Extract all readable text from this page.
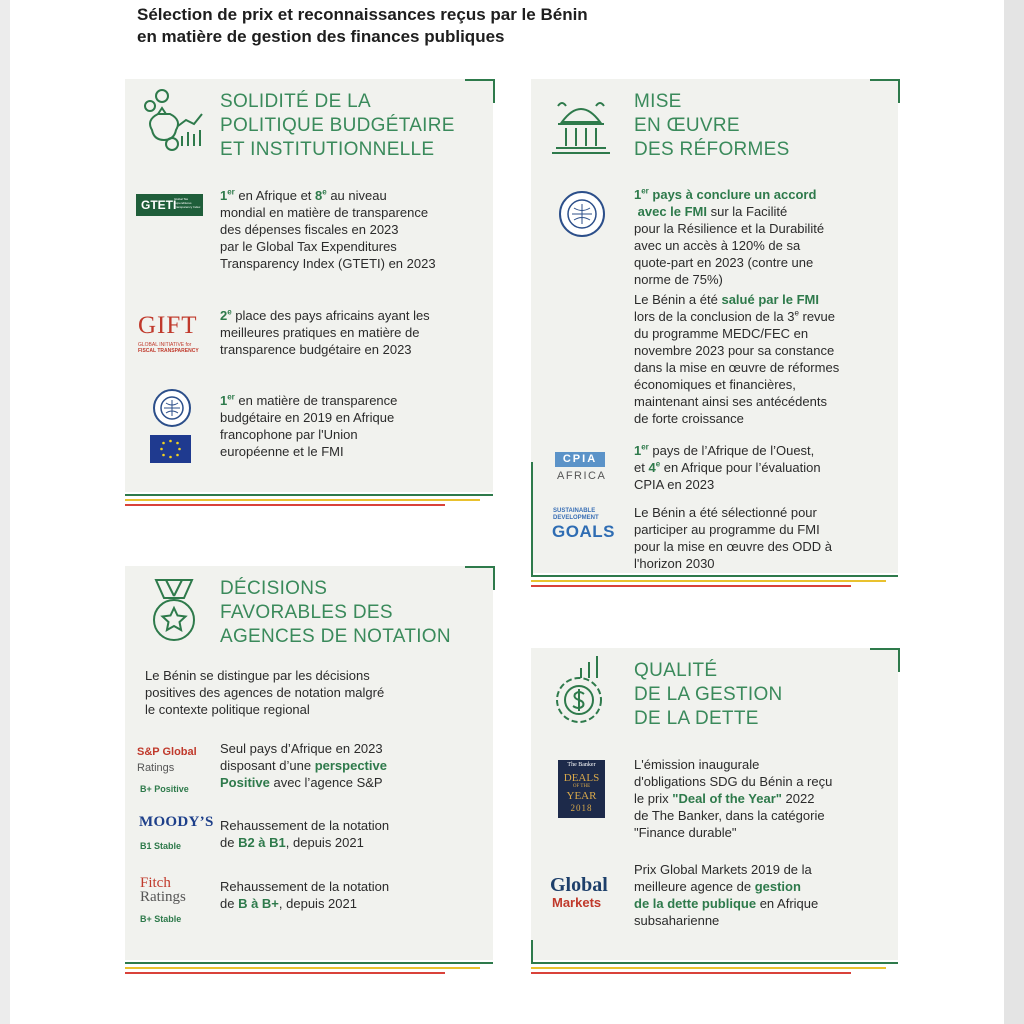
Sélection de prix et reconnaissances reçus par le Bénin
en matière de gestion des finances publiques
SOLIDITÉ DE LA
POLITIQUE BUDGÉTAIRE
ET INSTITUTIONNELLE
GTETI
Global Tax Expenditures Transparency Index

1er en Afrique et 8e au niveau

mondial en matière de transparence

des dépenses fiscales en 2023

par le Global Tax Expenditures

Transparency Index (GTETI) en 2023

GIFT
GLOBAL INITIATIVE for
FISCAL TRANSPARENCY

2e place des pays africains ayant les

meilleures pratiques en matière de

transparence budgétaire en 2023

1er en matière de transparence

budgétaire en 2019 en Afrique

francophone par l'Union

européenne et le FMI

MISE
EN ŒUVRE
DES RÉFORMES

1er pays à conclure un accord

avec le FMI sur la Facilité

pour la Résilience et la Durabilité

avec un accès à 120% de sa

quote-part en 2023 (contre une

norme de 75%)

Le Bénin a été salué par le FMI

lors de la conclusion de la 3e revue

du programme MEDC/FEC en

novembre 2023 pour sa constance

dans la mise en œuvre de réformes

économiques et financières,

maintenant ainsi ses antécédents

de forte croissance

CPIA
AFRICA

1er pays de l’Afrique de l’Ouest,

et 4e en Afrique pour l’évaluation

CPIA en 2023

SUSTAINABLE
DEVELOPMENT
GOALS

Le Bénin a été sélectionné pour

participer au programme du FMI

pour la mise en œuvre des ODD à

l'horizon 2030

DÉCISIONS
FAVORABLES DES
AGENCES DE NOTATION

Le Bénin se distingue par les décisions

positives des agences de notation malgré

le contexte politique regional

S&P Global
Ratings
B+ Positive

Seul pays d’Afrique en 2023

disposant d’une perspective

Positive avec l’agence S&P

MOODY’S
B1 Stable

Rehaussement de la notation

de B2 à B1, depuis 2021

Fitch
Ratings
B+ Stable

Rehaussement de la notation

de B à B+, depuis 2021

QUALITÉ
DE LA GESTION
DE LA DETTE
The Banker
DEALS
OF THE
YEAR
2018

L'émission inaugurale

d'obligations SDG du Bénin a reçu

le prix "Deal of the Year" 2022

de The Banker, dans la catégorie

"Finance durable"

Global
Markets

Prix Global Markets 2019 de la

meilleure agence de gestion

de la dette publique en Afrique

subsaharienne
